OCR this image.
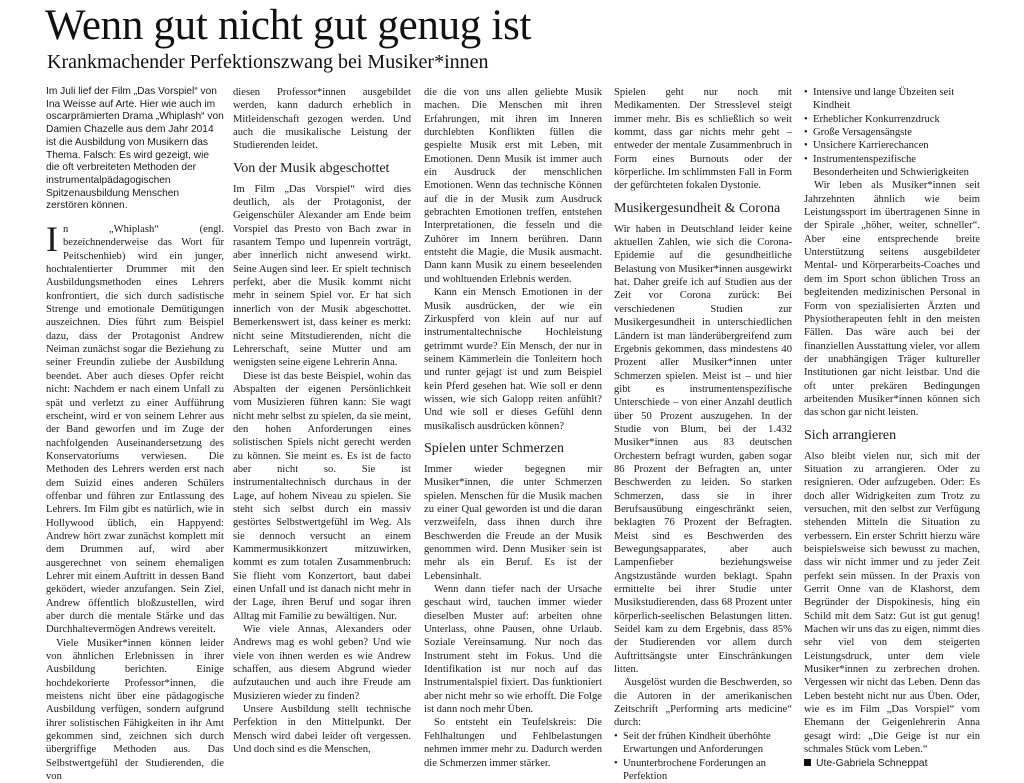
Wenn gut nicht gut genug ist
Krankmachender Perfektionszwang bei Musiker*innen

Im Juli lief der Film „Das Vorspiel“ von Ina Weisse auf Arte. Hier wie auch im oscarprämierten Drama „Whiplash“ von Damien Chazelle aus dem Jahr 2014 ist die Ausbildung von Musikern das Thema. Falsch: Es wird gezeigt, wie die oft verbreiteten Methoden der instrumentalpädagogischen Spitzenausbildung Menschen zerstören können.

In „Whiplash“ (engl. bezeichnenderweise das Wort für Peitschenhieb) wird ein junger, hochtalentierter Drummer mit den Ausbildungsmethoden eines Lehrers konfrontiert, die sich durch sadistische Strenge und emotionale Demütigungen auszeichnen. Dies führt zum Beispiel dazu, dass der Protagonist Andrew Neiman zunächst sogar die Beziehung zu seiner Freundin zuliebe der Ausbildung beendet. Aber auch dieses Opfer reicht nicht: Nachdem er nach einem Unfall zu spät und verletzt zu einer Aufführung erscheint, wird er von seinem Lehrer aus der Band geworfen und im Zuge der nachfolgenden Auseinandersetzung des Konservatoriums verwiesen. Die Methoden des Lehrers werden erst nach dem Suizid eines anderen Schülers offenbar und führen zur Entlassung des Lehrers. Im Film gibt es natürlich, wie in Hollywood üblich, ein Happyend: Andrew hört zwar zunächst komplett mit dem Drummen auf, wird aber ausgerechnet von seinem ehemaligen Lehrer mit einem Auftritt in dessen Band geködert, wieder anzufangen. Sein Ziel, Andrew öffentlich bloßzustellen, wird aber durch die mentale Stärke und das Durchhaltevermögen Andrews vereitelt.

Viele Musiker*innen können leider von ähnlichen Erlebnissen in ihrer Ausbildung berichten. Einige hochdekorierte Professor*innen, die meistens nicht über eine pädagogische Ausbildung verfügen, sondern aufgrund ihrer solistischen Fähigkeiten in ihr Amt gekommen sind, zeichnen sich durch übergriffige Methoden aus. Das Selbstwertgefühl der Studierenden, die von

diesen Professor*innen ausgebildet werden, kann dadurch erheblich in Mitleidenschaft gezogen werden. Und auch die musikalische Leistung der Studierenden leidet.

Von der Musik abgeschottet

Im Film „Das Vorspiel“ wird dies deutlich, als der Protagonist, der Geigenschüler Alexander am Ende beim Vorspiel das Presto von Bach zwar in rasantem Tempo und lupenrein vorträgt, aber innerlich nicht anwesend wirkt. Seine Augen sind leer. Er spielt technisch perfekt, aber die Musik kommt nicht mehr in seinem Spiel vor. Er hat sich innerlich von der Musik abgeschottet. Bemerkenswert ist, dass keiner es merkt: nicht seine Mitstudierenden, nicht die Lehrerschaft, seine Mutter und am wenigsten seine eigene Lehrerin Anna.

Diese ist das beste Beispiel, wohin das Abspalten der eigenen Persönlichkeit vom Musizieren führen kann: Sie wagt nicht mehr selbst zu spielen, da sie meint, den hohen Anforderungen eines solistischen Spiels nicht gerecht werden zu können. Sie meint es. Es ist de facto aber nicht so. Sie ist instrumentaltechnisch durchaus in der Lage, auf hohem Niveau zu spielen. Sie steht sich selbst durch ein massiv gestörtes Selbstwertgefühl im Weg. Als sie dennoch versucht an einem Kammermusikkonzert mitzuwirken, kommt es zum totalen Zusammenbruch: Sie flieht vom Konzertort, baut dabei einen Unfall und ist danach nicht mehr in der Lage, ihren Beruf und sogar ihren Alltag mit Familie zu bewältigen. Nur.

Wie viele Annas, Alexanders oder Andrews mag es wohl geben? Und wie viele von ihnen werden es wie Andrew schaffen, aus diesem Abgrund wieder aufzutauchen und auch ihre Freude am Musizieren wieder zu finden?

Unsere Ausbildung stellt technische Perfektion in den Mittelpunkt. Der Mensch wird dabei leider oft vergessen. Und doch sind es die Menschen,

die die von uns allen geliebte Musik machen. Die Menschen mit ihren Erfahrungen, mit ihren im Inneren durchlebten Konflikten füllen die gespielte Musik erst mit Leben, mit Emotionen. Denn Musik ist immer auch ein Ausdruck der menschlichen Emotionen. Wenn das technische Können auf die in der Musik zum Ausdruck gebrachten Emotionen treffen, entstehen Interpretationen, die fesseln und die Zuhörer im Innern berühren. Dann entsteht die Magie, die Musik ausmacht. Dann kann Musik zu einem beseelenden und wohltuenden Erlebnis werden.

Kann ein Mensch Emotionen in der Musik ausdrücken, der wie ein Zirkuspferd von klein auf nur auf instrumentaltechnische Hochleistung getrimmt wurde? Ein Mensch, der nur in seinem Kämmerlein die Tonleitern hoch und runter gejagt ist und zum Beispiel kein Pferd gesehen hat. Wie soll er denn wissen, wie sich Galopp reiten anfühlt? Und wie soll er dieses Gefühl denn musikalisch ausdrücken können?

Spielen unter Schmerzen

Immer wieder begegnen mir Musiker*innen, die unter Schmerzen spielen. Menschen für die Musik machen zu einer Qual geworden ist und die daran verzweifeln, dass ihnen durch ihre Beschwerden die Freude an der Musik genommen wird. Denn Musiker sein ist mehr als ein Beruf. Es ist der Lebensinhalt.

Wenn dann tiefer nach der Ursache geschaut wird, tauchen immer wieder dieselben Muster auf: arbeiten ohne Unterlass, ohne Pausen, ohne Urlaub. Soziale Vereinsamung. Nur noch das Instrument steht im Fokus. Und die Identifikation ist nur noch auf das Instrumentalspiel fixiert. Das funktioniert aber nicht mehr so wie erhofft. Die Folge ist dann noch mehr Üben.

So entsteht ein Teufelskreis: Die Fehlhaltungen und Fehlbelastungen nehmen immer mehr zu. Dadurch werden die Schmerzen immer stärker.

Spielen geht nur noch mit Medikamenten. Der Stresslevel steigt immer mehr. Bis es schließlich so weit kommt, dass gar nichts mehr geht – entweder der mentale Zusammenbruch in Form eines Burnouts oder der körperliche. Im schlimmsten Fall in Form der gefürchteten fokalen Dystonie.

Musikergesundheit & Corona

Wir haben in Deutschland leider keine aktuellen Zahlen, wie sich die Corona-Epidemie auf die gesundheitliche Belastung von Musiker*innen ausgewirkt hat. Daher greife ich auf Studien aus der Zeit vor Corona zurück: Bei verschiedenen Studien zur Musikergesundheit in unterschiedlichen Ländern ist man länderübergreifend zum Ergebnis gekommen, dass mindestens 40 Prozent aller Musiker*innen unter Schmerzen spielen. Meist ist – und hier gibt es instrumentenspezifische Unterschiede – von einer Anzahl deutlich über 50 Prozent auszugehen. In der Studie von Blum, bei der 1.432 Musiker*innen aus 83 deutschen Orchestern befragt wurden, gaben sogar 86 Prozent der Befragten an, unter Beschwerden zu leiden. So starken Schmerzen, dass sie in ihrer Berufsausübung eingeschränkt seien, beklagten 76 Prozent der Befragten. Meist sind es Beschwerden des Bewegungsapparates, aber auch Lampenfieber beziehungsweise Angstzustände wurden beklagt. Spahn ermittelte bei ihrer Studie unter Musikstudierenden, dass 68 Prozent unter körperlich-seelischen Belastungen litten. Seidel kam zu dem Ergebnis, dass 85% der Studierenden vor allem durch Auftrittsängste unter Einschränkungen litten.

Ausgelöst wurden die Beschwerden, so die Autoren in der amerikanischen Zeitschrift „Performing arts medicine“ durch:

• Seit der frühen Kindheit überhöhte Erwartungen und Anforderungen
• Ununterbrochene Forderungen an Perfektion
• Intensive und lange Übzeiten seit Kindheit
• Erheblicher Konkurrenzdruck
• Große Versagensängste
• Unsichere Karrierechancen
• Instrumentenspezifische Besonderheiten und Schwierigkeiten

Wir leben als Musiker*innen seit Jahrzehnten ähnlich wie beim Leistungssport im übertragenen Sinne in der Spirale „höher, weiter, schneller“. Aber eine entsprechende breite Unterstützung seitens ausgebildeter Mental- und Körperarbeits-Coaches und dem im Sport schon üblichen Tross an begleitenden medizinischen Personal in Form von spezialisierten Ärzten und Physiotherapeuten fehlt in den meisten Fällen. Das wäre auch bei der finanziellen Ausstattung vieler, vor allem der unabhängigen Träger kultureller Institutionen gar nicht leistbar. Und die oft unter prekären Bedingungen arbeitenden Musiker*innen können sich das schon gar nicht leisten.

Sich arrangieren

Also bleibt vielen nur, sich mit der Situation zu arrangieren. Oder zu resignieren. Oder aufzugeben. Oder: Es doch aller Widrigkeiten zum Trotz zu versuchen, mit den selbst zur Verfügung stehenden Mitteln die Situation zu verbessern. Ein erster Schritt hierzu wäre beispielsweise sich bewusst zu machen, dass wir nicht immer und zu jeder Zeit perfekt sein müssen. In der Praxis von Gerrit Onne van de Klashorst, dem Begründer der Dispokinesis, hing ein Schild mit dem Satz: Gut ist gut genug! Machen wir uns das zu eigen, nimmt dies sehr viel von dem steigerten Leistungsdruck, unter dem viele Musiker*innen zu zerbrechen drohen. Vergessen wir nicht das Leben. Denn das Leben besteht nicht nur aus Üben. Oder, wie es im Film „Das Vorspiel“ vom Ehemann der Geigenlehrerin Anna gesagt wird: „Die Geige ist nur ein schmales Stück vom Leben.“

Ute-Gabriela Schneppat
